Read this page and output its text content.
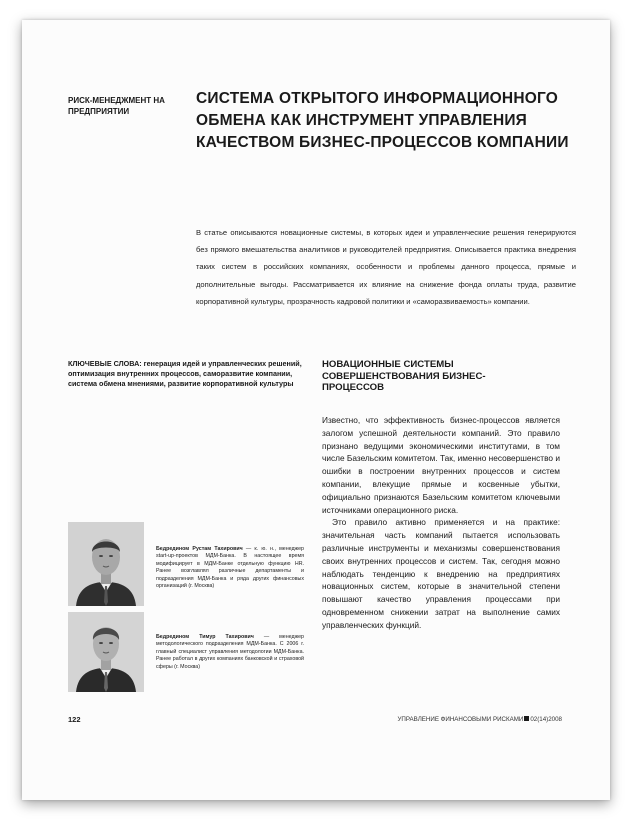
РИСК-МЕНЕДЖМЕНТ НА ПРЕДПРИЯТИИ
СИСТЕМА ОТКРЫТОГО ИНФОРМАЦИОННОГО ОБМЕНА КАК ИНСТРУМЕНТ УПРАВЛЕНИЯ КАЧЕСТВОМ БИЗНЕС-ПРОЦЕССОВ КОМПАНИИ
В статье описываются новационные системы, в которых идеи и управленческие решения генерируются без прямого вмешательства аналитиков и руководителей предприятия. Описывается практика внедрения таких систем в российских компаниях, особенности и проблемы данного процесса, прямые и дополнительные выгоды. Рассматривается их влияние на снижение фонда оплаты труда, развитие корпоративной культуры, прозрачность кадровой политики и «саморазвиваемость» компании.
КЛЮЧЕВЫЕ СЛОВА: генерация идей и управленческих решений, оптимизация внутренних процессов, саморазвитие компании, система обмена мнениями, развитие корпоративной культуры
НОВАЦИОННЫЕ СИСТЕМЫ СОВЕРШЕНСТВОВАНИЯ БИЗНЕС-ПРОЦЕССОВ

Известно, что эффективность бизнес-процессов является залогом успешной деятельности компаний. Это правило признано ведущими экономическими институтами, в том числе Базельским комитетом. Так, именно несовершенство и ошибки в построении внутренних процессов и систем компании, влекущие прямые и косвенные убытки, официально признаются Базельским комитетом ключевыми источниками операционного риска.

Это правило активно применяется и на практике: значительная часть компаний пытается использовать различные инструменты и механизмы совершенствования своих внутренних процессов и систем. Так, сегодня можно наблюдать тенденцию к внедрению на предприятиях новационных систем, которые в значительной степени повышают качество управления процессами при одновременном снижении затрат на выполнение самих управленческих функций.

Бедредином Рустам Тахирович — к. ю. н., менеджер start-up-проектов МДМ-Банка. В настоящее время модифицирует в МДМ-Банке отдельную функцию HR. Ранее возглавлял различные департаменты и подразделения МДМ-Банка и ряда других финансовых организаций (г. Москва)
Бедредином Тимур Тахирович — менеджер методологического подразделения МДМ-Банка. С 2006 г. главный специалист управления методологии МДМ-Банка. Ранее работал в других компаниях банковской и страховой сферы (г. Москва)
122	УПРАВЛЕНИЕ ФИНАНСОВЫМИ РИСКАМИ 02(14)2008
